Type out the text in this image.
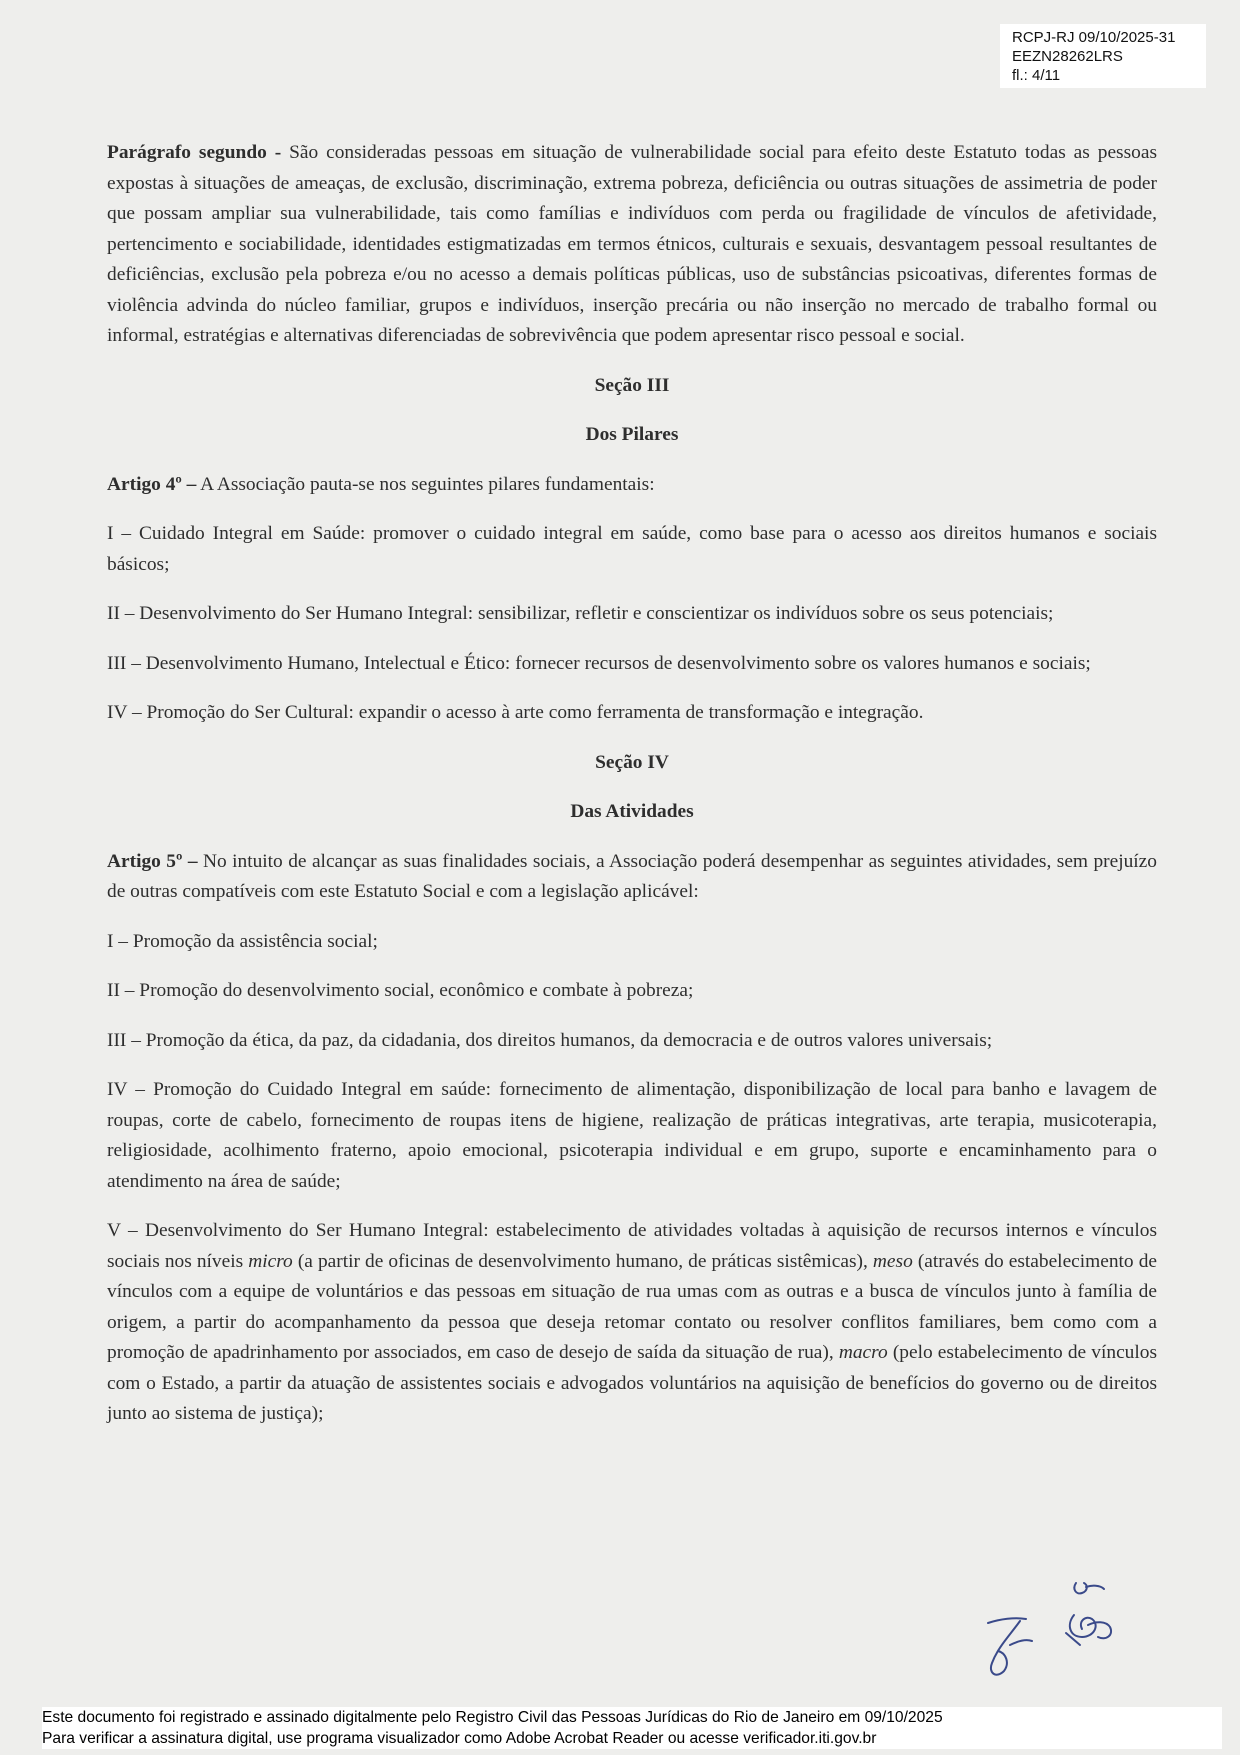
RCPJ-RJ 09/10/2025-31
EEZN28262LRS
fl.: 4/11

Parágrafo segundo - São consideradas pessoas em situação de vulnerabilidade social para efeito deste Estatuto todas as pessoas expostas à situações de ameaças, de exclusão, discriminação, extrema pobreza, deficiência ou outras situações de assimetria de poder que possam ampliar sua vulnerabilidade, tais como famílias e indivíduos com perda ou fragilidade de vínculos de afetividade, pertencimento e sociabilidade, identidades estigmatizadas em termos étnicos, culturais e sexuais, desvantagem pessoal resultantes de deficiências, exclusão pela pobreza e/ou no acesso a demais políticas públicas, uso de substâncias psicoativas, diferentes formas de violência advinda do núcleo familiar, grupos e indivíduos, inserção precária ou não inserção no mercado de trabalho formal ou informal, estratégias e alternativas diferenciadas de sobrevivência que podem apresentar risco pessoal e social.

Seção III

Dos Pilares

Artigo 4º – A Associação pauta-se nos seguintes pilares fundamentais:

I – Cuidado Integral em Saúde: promover o cuidado integral em saúde, como base para o acesso aos direitos humanos e sociais básicos;

II – Desenvolvimento do Ser Humano Integral: sensibilizar, refletir e conscientizar os indivíduos sobre os seus potenciais;

III – Desenvolvimento Humano, Intelectual e Ético: fornecer recursos de desenvolvimento sobre os valores humanos e sociais;

IV – Promoção do Ser Cultural: expandir o acesso à arte como ferramenta de transformação e integração.

Seção IV

Das Atividades

Artigo 5º – No intuito de alcançar as suas finalidades sociais, a Associação poderá desempenhar as seguintes atividades, sem prejuízo de outras compatíveis com este Estatuto Social e com a legislação aplicável:

I – Promoção da assistência social;

II – Promoção do desenvolvimento social, econômico e combate à pobreza;

III – Promoção da ética, da paz, da cidadania, dos direitos humanos, da democracia e de outros valores universais;

IV – Promoção do Cuidado Integral em saúde: fornecimento de alimentação, disponibilização de local para banho e lavagem de roupas, corte de cabelo, fornecimento de roupas itens de higiene, realização de práticas integrativas, arte terapia, musicoterapia, religiosidade, acolhimento fraterno, apoio emocional, psicoterapia individual e em grupo, suporte e encaminhamento para o atendimento na área de saúde;

V – Desenvolvimento do Ser Humano Integral: estabelecimento de atividades voltadas à aquisição de recursos internos e vínculos sociais nos níveis micro (a partir de oficinas de desenvolvimento humano, de práticas sistêmicas), meso (através do estabelecimento de vínculos com a equipe de voluntários e das pessoas em situação de rua umas com as outras e a busca de vínculos junto à família de origem, a partir do acompanhamento da pessoa que deseja retomar contato ou resolver conflitos familiares, bem como com a promoção de apadrinhamento por associados, em caso de desejo de saída da situação de rua), macro (pelo estabelecimento de vínculos com o Estado, a partir da atuação de assistentes sociais e advogados voluntários na aquisição de benefícios do governo ou de direitos junto ao sistema de justiça);

Este documento foi registrado e assinado digitalmente pelo Registro Civil das Pessoas Jurídicas do Rio de Janeiro em 09/10/2025
Para verificar a assinatura digital, use programa visualizador como Adobe Acrobat Reader ou acesse verificador.iti.gov.br
